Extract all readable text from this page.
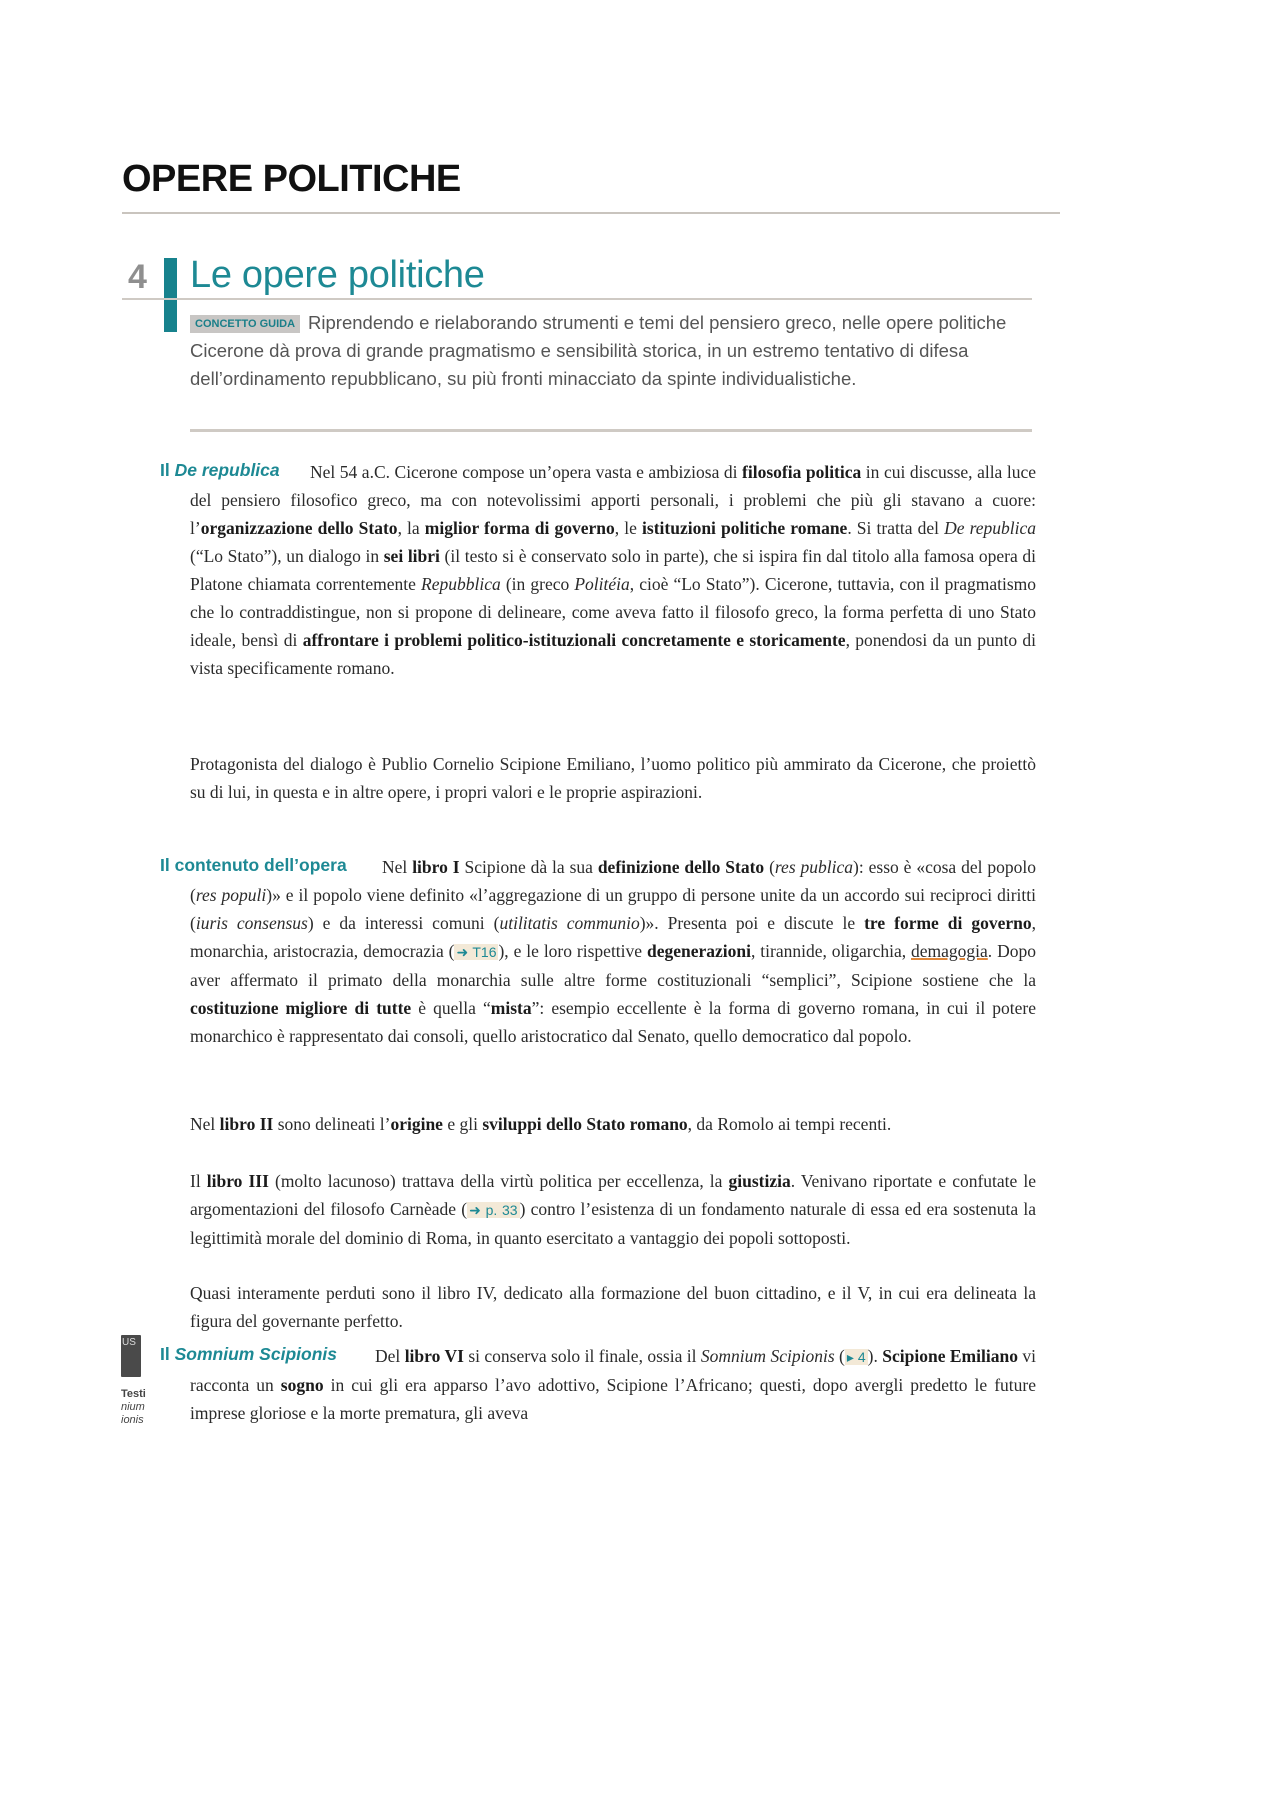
OPERE POLITICHE
4 Le opere politiche
CONCETTO GUIDA Riprendendo e rielaborando strumenti e temi del pensiero greco, nelle opere politiche Cicerone dà prova di grande pragmatismo e sensibilità storica, in un estremo tentativo di difesa dell’ordinamento repubblicano, su più fronti minacciato da spinte individualistiche.
Il De republica	Nel 54 a.C. Cicerone compose un’opera vasta e ambiziosa di filosofia politica in cui discusse, alla luce del pensiero filosofico greco, ma con notevolissimi apporti personali, i problemi che più gli stavano a cuore: l’organizzazione dello Stato, la miglior forma di governo, le istituzioni politiche romane. Si tratta del De republica (“Lo Stato”), un dialogo in sei libri (il testo si è conservato solo in parte), che si ispira fin dal titolo alla famosa opera di Platone chiamata correntemente Repubblica (in greco Politéia, cioè “Lo Stato”). Cicerone, tuttavia, con il pragmatismo che lo contraddistingue, non si propone di delineare, come aveva fatto il filosofo greco, la forma perfetta di uno Stato ideale, bensì di affrontare i problemi politico-istituzionali concretamente e storicamente, ponendosi da un punto di vista specificamente romano.

Protagonista del dialogo è Publio Cornelio Scipione Emiliano, l’uomo politico più ammirato da Cicerone, che proiettò su di lui, in questa e in altre opere, i propri valori e le proprie aspirazioni.

Il contenuto dell’opera	Nel libro I Scipione dà la sua definizione dello Stato (res publica): esso è «cosa del popolo (res populi)» e il popolo viene definito «l’aggregazione di un gruppo di persone unite da un accordo sui reciproci diritti (iuris consensus) e da interessi comuni (utilitatis communio)». Presenta poi e discute le tre forme di governo, monarchia, aristocrazia, democrazia ( ➜ T16 ), e le loro rispettive degenerazioni, tirannide, oligarchia, demagogia. Dopo aver affermato il primato della monarchia sulle altre forme costituzionali “semplici”, Scipione sostiene che la costituzione migliore di tutte è quella “mista”: esempio eccellente è la forma di governo romana, in cui il potere monarchico è rappresentato dai consoli, quello aristocratico dal Senato, quello democratico dal popolo.

Nel libro II sono delineati l’origine e gli sviluppi dello Stato romano, da Romolo ai tempi recenti.

Il libro III (molto lacunoso) trattava della virtù politica per eccellenza, la giustizia. Venivano riportate e confutate le argomentazioni del filosofo Carnèade ( ➜ p. 33 ) contro l’esistenza di un fondamento naturale di essa ed era sostenuta la legittimità morale del dominio di Roma, in quanto esercitato a vantaggio dei popoli sottoposti.

Quasi interamente perduti sono il libro IV, dedicato alla formazione del buon cittadino, e il V, in cui era delineata la figura del governante perfetto.

US
Testi
nium
ionis
Il Somnium Scipionis	Del libro VI si conserva solo il finale, ossia il Somnium Scipionis ( ▸ 4 ). Scipione Emiliano vi racconta un sogno in cui gli era apparso l’avo adottivo, Scipione l’Africano; questi, dopo avergli predetto le future imprese gloriose e la morte prematura, gli aveva
